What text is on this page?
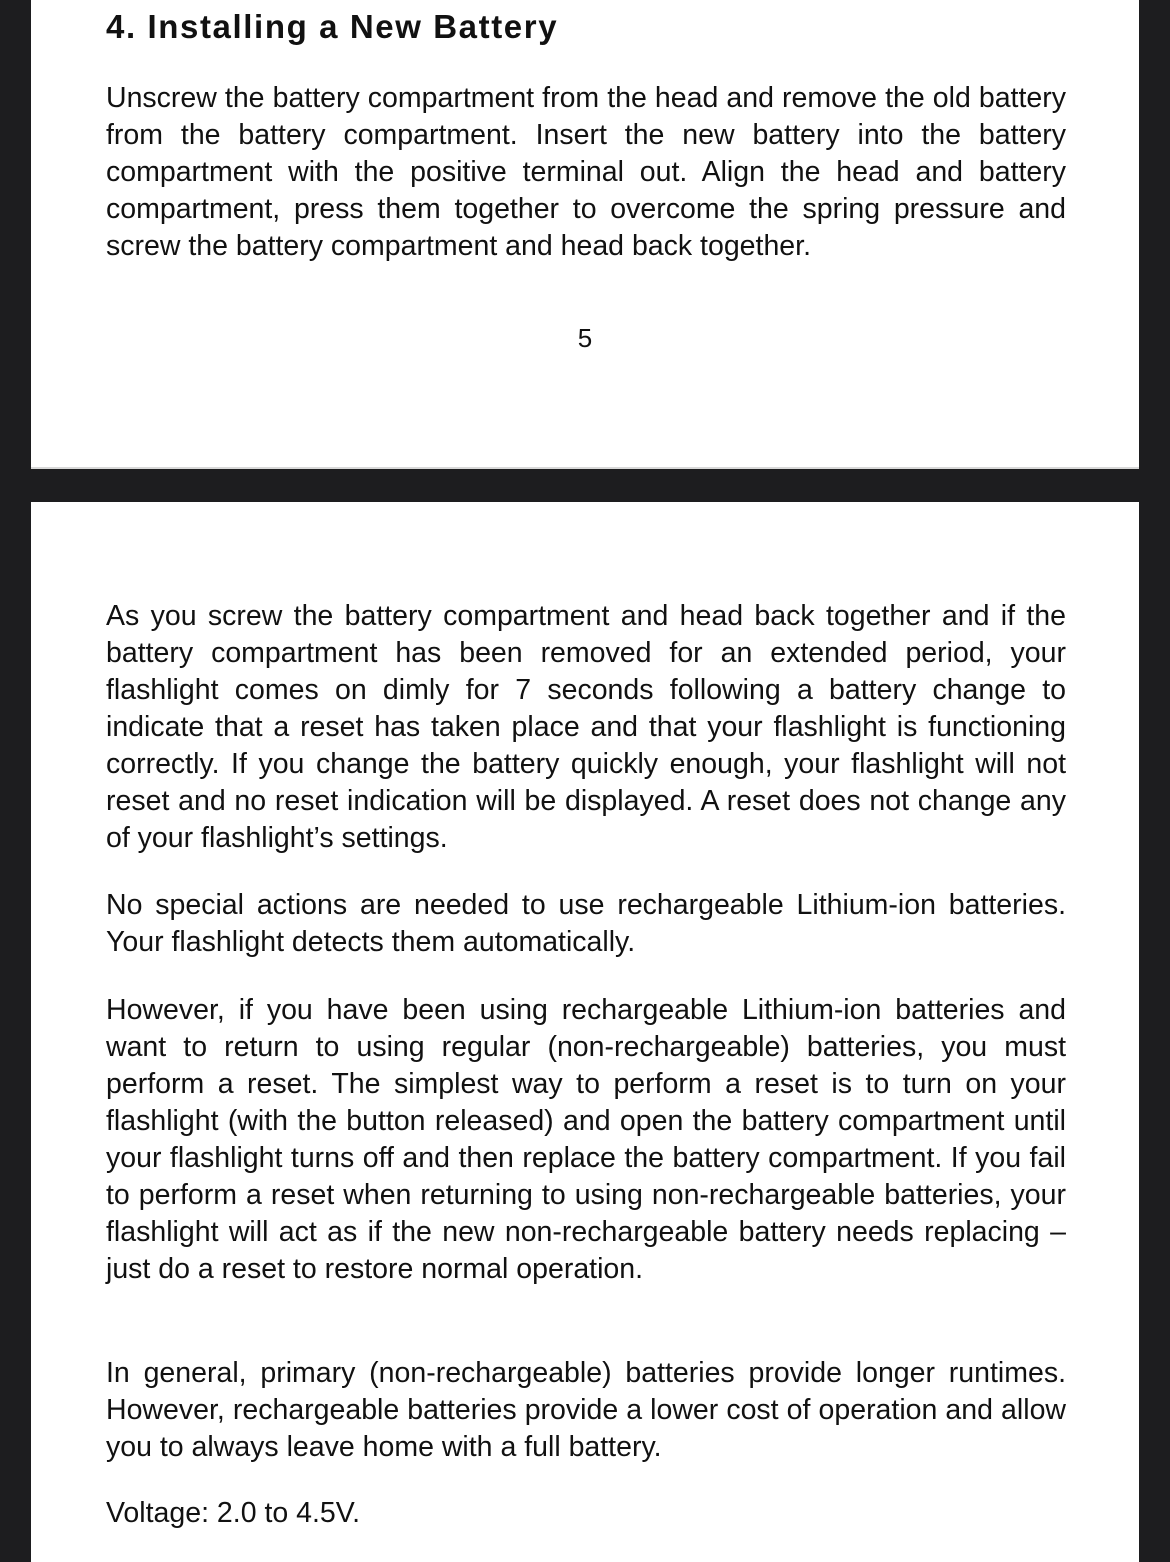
4. Installing a New Battery

Unscrew the battery compartment from the head and remove the old battery from the battery compartment. Insert the new battery into the battery compartment with the positive terminal out. Align the head and battery compartment, press them together to overcome the spring pressure and screw the battery compartment and head back together.

5

As you screw the battery compartment and head back together and if the battery compartment has been removed for an extended period, your flashlight comes on dimly for 7 seconds following a battery change to indicate that a reset has taken place and that your flashlight is functioning correctly. If you change the battery quickly enough, your flashlight will not reset and no reset indication will be displayed. A reset does not change any of your flashlight’s settings.

No special actions are needed to use rechargeable Lithium-ion batteries. Your flashlight detects them automatically.

However, if you have been using rechargeable Lithium-ion batteries and want to return to using regular (non-rechargeable) batteries, you must perform a reset. The simplest way to perform a reset is to turn on your flashlight (with the button released) and open the battery compartment until your flashlight turns off and then replace the battery compartment. If you fail to perform a reset when returning to using non-rechargeable batteries, your flashlight will act as if the new non-rechargeable battery needs replacing – just do a reset to restore normal operation.

In general, primary (non-rechargeable) batteries provide longer runtimes. However, rechargeable batteries provide a lower cost of operation and allow you to always leave home with a full battery.

Voltage: 2.0 to 4.5V.
